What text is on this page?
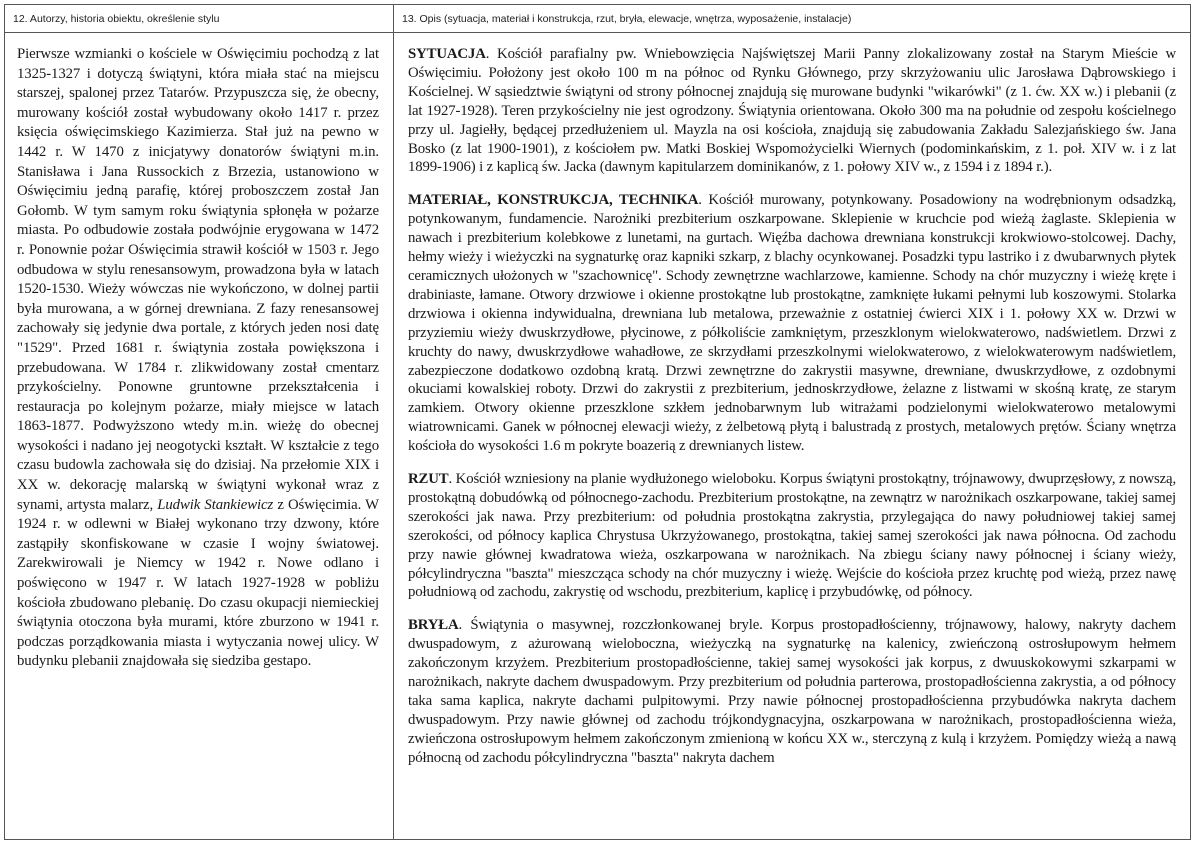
12. Autorzy, historia obiektu, określenie stylu
Pierwsze wzmianki o kościele w Oświęcimiu pochodzą z lat 1325-1327 i dotyczą świątyni, która miała stać na miejscu starszej, spalonej przez Tatarów. Przypuszcza się, że obecny, murowany kościół został wybudowany około 1417 r. przez księcia oświęcimskiego Kazimierza. Stał już na pewno w 1442 r. W 1470 z inicjatywy donatorów świątyni m.in. Stanisława i Jana Russockich z Brzezia, ustanowiono w Oświęcimiu jedną parafię, której proboszczem został Jan Gołomb. W tym samym roku świątynia spłonęła w pożarze miasta. Po odbudowie została podwójnie erygowana w 1472 r. Ponownie pożar Oświęcimia strawił kościół w 1503 r. Jego odbudowa w stylu renesansowym, prowadzona była w latach 1520-1530. Wieży wówczas nie wykończono, w dolnej partii była murowana, a w górnej drewniana. Z fazy renesansowej zachowały się jedynie dwa portale, z których jeden nosi datę "1529". Przed 1681 r. świątynia została powiększona i przebudowana. W 1784 r. zlikwidowany został cmentarz przykościelny. Ponowne gruntowne przekształcenia i restauracja po kolejnym pożarze, miały miejsce w latach 1863-1877. Podwyższono wtedy m.in. wieżę do obecnej wysokości i nadano jej neogotycki kształt. W kształcie z tego czasu budowla zachowała się do dzisiaj. Na przełomie XIX i XX w. dekorację malarską w świątyni wykonał wraz z synami, artysta malarz, Ludwik Stankiewicz z Oświęcimia. W 1924 r. w odlewni w Białej wykonano trzy dzwony, które zastąpiły skonfiskowane w czasie I wojny światowej. Zarekwirowali je Niemcy w 1942 r. Nowe odlano i poświęcono w 1947 r. W latach 1927-1928 w pobliżu kościoła zbudowano plebanię. Do czasu okupacji niemieckiej świątynia otoczona była murami, które zburzono w 1941 r. podczas porządkowania miasta i wytyczania nowej ulicy. W budynku plebanii znajdowała się siedziba gestapo.
13. Opis (sytuacja, materiał i konstrukcja, rzut, bryła, elewacje, wnętrza, wyposażenie, instalacje)

SYTUACJA. Kościół parafialny pw. Wniebowzięcia Najświętszej Marii Panny zlokalizowany został na Starym Mieście w Oświęcimiu. Położony jest około 100 m na północ od Rynku Głównego, przy skrzyżowaniu ulic Jarosława Dąbrowskiego i Kościelnej. W sąsiedztwie świątyni od strony północnej znajdują się murowane budynki "wikarówki" (z 1. ćw. XX w.) i plebanii (z lat 1927-1928). Teren przykościelny nie jest ogrodzony. Świątynia orientowana. Około 300 ma na południe od zespołu kościelnego przy ul. Jagiełły, będącej przedłużeniem ul. Mayzla na osi kościoła, znajdują się zabudowania Zakładu Salezjańskiego św. Jana Bosko (z lat 1900-1901), z kościołem pw. Matki Boskiej Wspomożycielki Wiernych (podominkańskim, z 1. poł. XIV w. i z lat 1899-1906) i z kaplicą św. Jacka (dawnym kapitularzem dominikanów, z 1. połowy XIV w., z 1594 i z 1894 r.).

MATERIAŁ, KONSTRUKCJA, TECHNIKA. Kościół murowany, potynkowany. Posadowiony na wodrębnionym odsadzką, potynkowanym, fundamencie. Narożniki prezbiterium oszkarpowane. Sklepienie w kruchcie pod wieżą żaglaste. Sklepienia w nawach i prezbiterium kolebkowe z lunetami, na gurtach. Więźba dachowa drewniana konstrukcji krokwiowo-stolcowej. Dachy, hełmy wieży i wieżyczki na sygnaturkę oraz kapniki szkarp, z blachy ocynkowanej. Posadzki typu lastriko i z dwubarwnych płytek ceramicznych ułożonych w "szachownicę". Schody zewnętrzne wachlarzowe, kamienne. Schody na chór muzyczny i wieżę kręte i drabiniaste, łamane. Otwory drzwiowe i okienne prostokątne lub prostokątne, zamknięte łukami pełnymi lub koszowymi. Stolarka drzwiowa i okienna indywidualna, drewniana lub metalowa, przeważnie z ostatniej ćwierci XIX i 1. połowy XX w. Drzwi w przyziemiu wieży dwuskrzydłowe, płycinowe, z półkoliście zamkniętym, przeszklonym wielokwaterowo, nadświetlem. Drzwi z kruchty do nawy, dwuskrzydłowe wahadłowe, ze skrzydłami przeszkolnymi wielokwaterowo, z wielokwaterowym nadświetlem, zabezpieczone dodatkowo ozdobną kratą. Drzwi zewnętrzne do zakrystii masywne, drewniane, dwuskrzydłowe, z ozdobnymi okuciami kowalskiej roboty. Drzwi do zakrystii z prezbiterium, jednoskrzydłowe, żelazne z listwami w skośną kratę, ze starym zamkiem. Otwory okienne przeszklone szkłem jednobarwnym lub witrażami podzielonymi wielokwaterowo metalowymi wiatrownicami. Ganek w północnej elewacji wieży, z żelbetową płytą i balustradą z prostych, metalowych prętów. Ściany wnętrza kościoła do wysokości 1.6 m pokryte boazerią z drewnianych listew.

RZUT. Kościół wzniesiony na planie wydłużonego wieloboku. Korpus świątyni prostokątny, trójnawowy, dwuprzęsłowy, z nowszą, prostokątną dobudówką od północnego-zachodu. Prezbiterium prostokątne, na zewnątrz w narożnikach oszkarpowane, takiej samej szerokości jak nawa. Przy prezbiterium: od południa prostokątna zakrystia, przylegająca do nawy południowej takiej samej szerokości, od północy kaplica Chrystusa Ukrzyżowanego, prostokątna, takiej samej szerokości jak nawa północna. Od zachodu przy nawie głównej kwadratowa wieża, oszkarpowana w narożnikach. Na zbiegu ściany nawy północnej i ściany wieży, półcylindryczna "baszta" mieszcząca schody na chór muzyczny i wieżę. Wejście do kościoła przez kruchtę pod wieżą, przez nawę południową od zachodu, zakrystię od wschodu, prezbiterium, kaplicę i przybudówkę, od północy.

BRYŁA. Świątynia o masywnej, rozczłonkowanej bryle. Korpus prostopadłościenny, trójnawowy, halowy, nakryty dachem dwuspadowym, z ażurowaną wieloboczna, wieżyczką na sygnaturkę na kalenicy, zwieńczoną ostrosłupowym hełmem zakończonym krzyżem. Prezbiterium prostopadłościenne, takiej samej wysokości jak korpus, z dwuuskokowymi szkarpami w narożnikach, nakryte dachem dwuspadowym. Przy prezbiterium od południa parterowa, prostopadłościenna zakrystia, a od północy taka sama kaplica, nakryte dachami pulpitowymi. Przy nawie północnej prostopadłościenna przybudówka nakryta dachem dwuspadowym. Przy nawie głównej od zachodu trójkondygnacyjna, oszkarpowana w narożnikach, prostopadłościenna wieża, zwieńczona ostrosłupowym hełmem zakończonym zmienioną w końcu XX w., sterczyną z kulą i krzyżem. Pomiędzy wieżą a nawą północną od zachodu półcylindryczna "baszta" nakryta dachem
